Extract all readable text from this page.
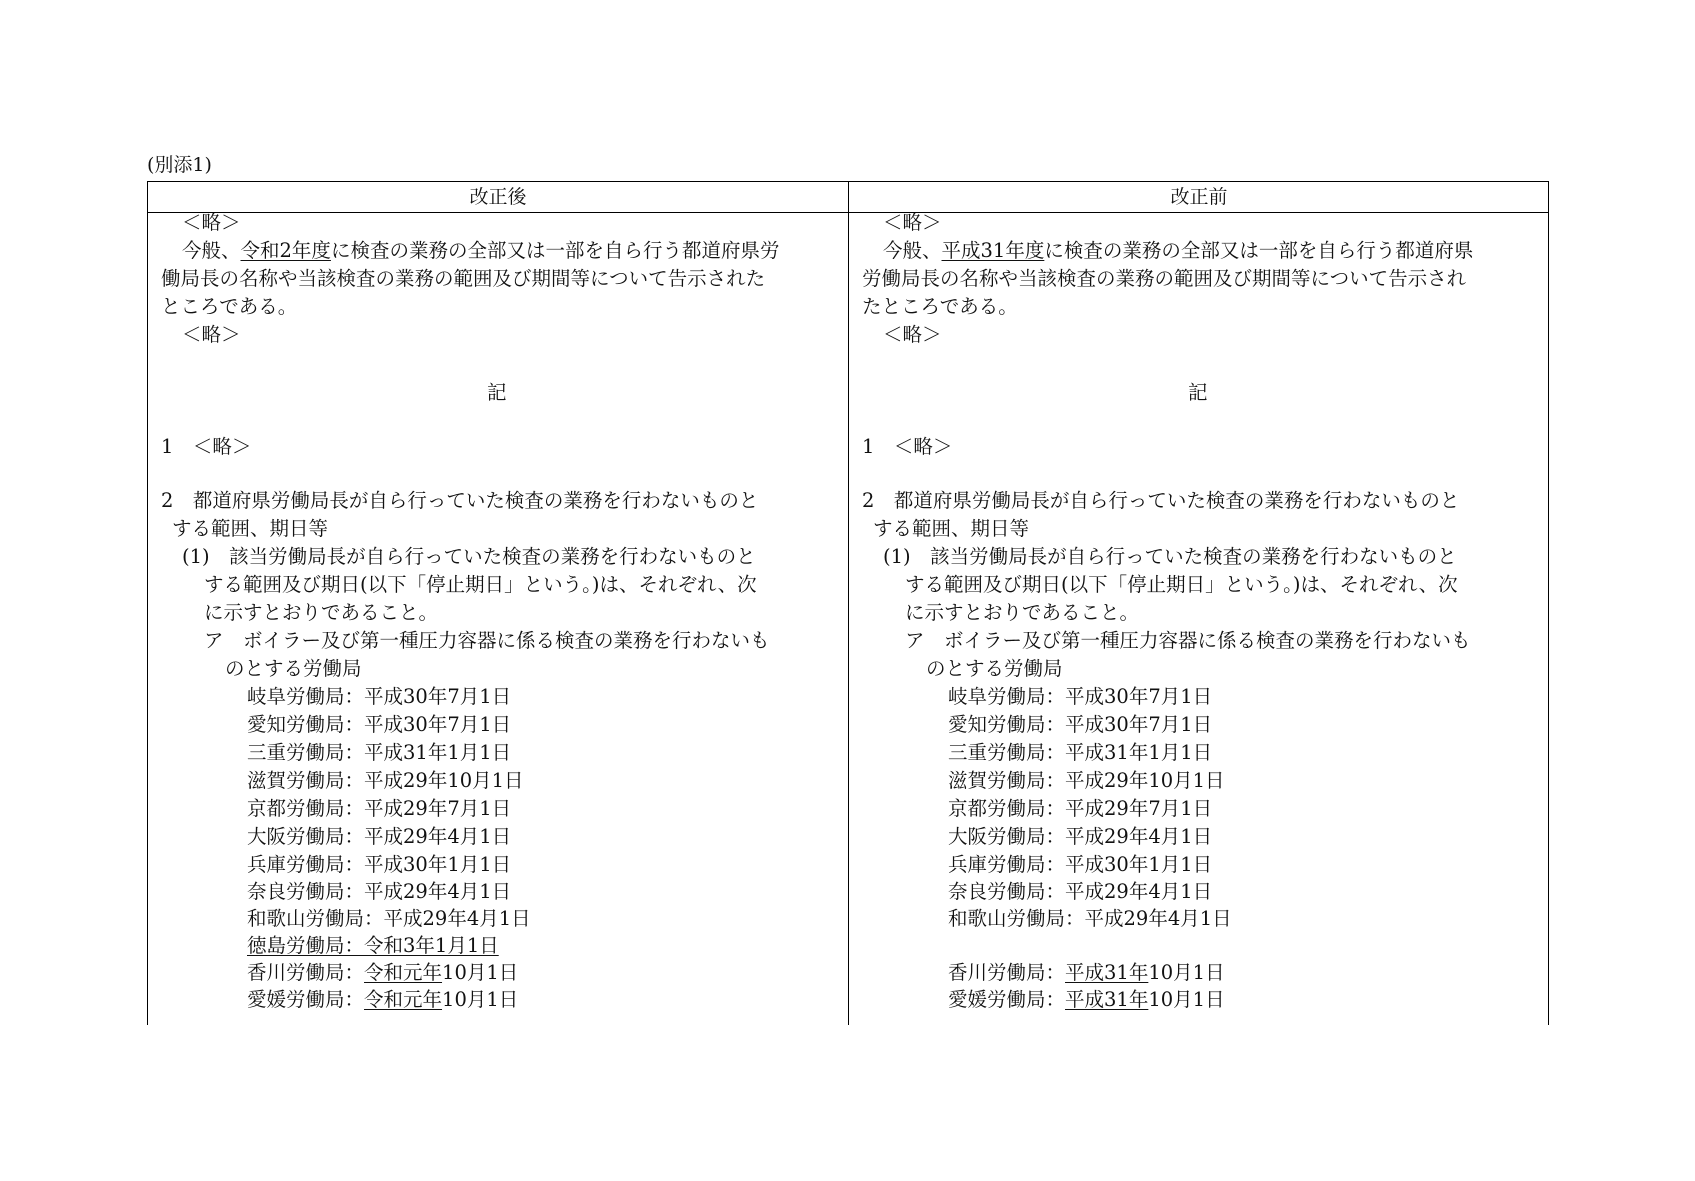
(別添1)
改正後	改正前
＜略＞
今般、令和2年度に検査の業務の全部又は一部を自ら行う都道府県労
働局長の名称や当該検査の業務の範囲及び期間等について告示された
ところである。
＜略＞
記
1　＜略＞
2　都道府県労働局長が自ら行っていた検査の業務を行わないものと
する範囲、期日等
(1)　該当労働局長が自ら行っていた検査の業務を行わないものと
する範囲及び期日(以下「停止期日」という。)は、それぞれ、次
に示すとおりであること。
ア　ボイラー及び第一種圧力容器に係る検査の業務を行わないも
のとする労働局
岐阜労働局：平成30年7月1日
愛知労働局：平成30年7月1日
三重労働局：平成31年1月1日
滋賀労働局：平成29年10月1日
京都労働局：平成29年7月1日
大阪労働局：平成29年4月1日
兵庫労働局：平成30年1月1日
奈良労働局：平成29年4月1日
和歌山労働局：平成29年4月1日
徳島労働局：令和3年1月1日
香川労働局：令和元年10月1日
愛媛労働局：令和元年10月1日
＜略＞
今般、平成31年度に検査の業務の全部又は一部を自ら行う都道府県
労働局長の名称や当該検査の業務の範囲及び期間等について告示され
たところである。
＜略＞
記
1　＜略＞
2　都道府県労働局長が自ら行っていた検査の業務を行わないものと
する範囲、期日等
(1)　該当労働局長が自ら行っていた検査の業務を行わないものと
する範囲及び期日(以下「停止期日」という。)は、それぞれ、次
に示すとおりであること。
ア　ボイラー及び第一種圧力容器に係る検査の業務を行わないも
のとする労働局
岐阜労働局：平成30年7月1日
愛知労働局：平成30年7月1日
三重労働局：平成31年1月1日
滋賀労働局：平成29年10月1日
京都労働局：平成29年7月1日
大阪労働局：平成29年4月1日
兵庫労働局：平成30年1月1日
奈良労働局：平成29年4月1日
和歌山労働局：平成29年4月1日
香川労働局：平成31年10月1日
愛媛労働局：平成31年10月1日
